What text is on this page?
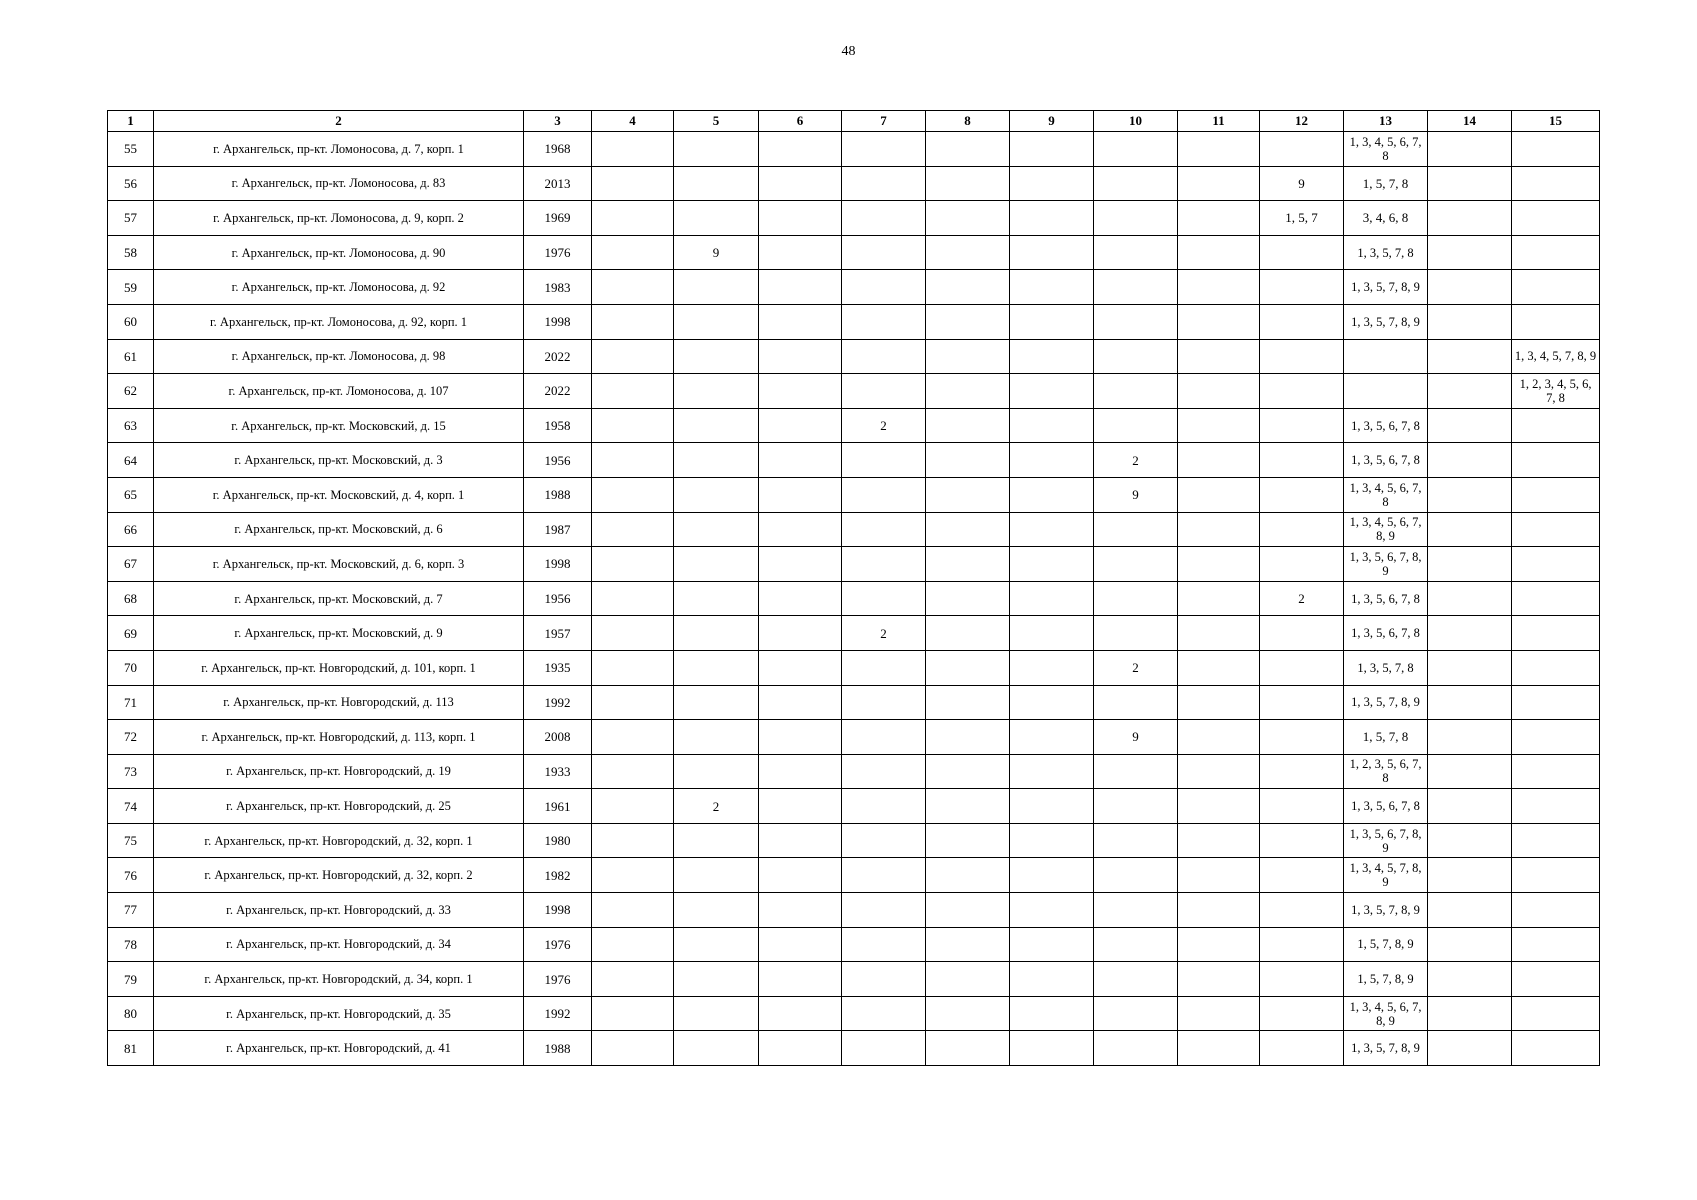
48
1	2	3	4	5	6	7	8	9	10	11	12	13	14	15
55	г. Архангельск, пр-кт. Ломоносова, д. 7, корп. 1	1968										1, 3, 4, 5, 6, 7, 8		
56	г. Архангельск, пр-кт. Ломоносова, д. 83	2013									9	1, 5, 7, 8		
57	г. Архангельск, пр-кт. Ломоносова, д. 9, корп. 2	1969									1, 5, 7	3, 4, 6, 8		
58	г. Архангельск, пр-кт. Ломоносова, д. 90	1976		9								1, 3, 5, 7, 8		
59	г. Архангельск, пр-кт. Ломоносова, д. 92	1983										1, 3, 5, 7, 8, 9		
60	г. Архангельск, пр-кт. Ломоносова, д. 92, корп. 1	1998										1, 3, 5, 7, 8, 9		
61	г. Архангельск, пр-кт. Ломоносова, д. 98	2022												1, 3, 4, 5, 7, 8, 9
62	г. Архангельск, пр-кт. Ломоносова, д. 107	2022												1, 2, 3, 4, 5, 6, 7, 8
63	г. Архангельск, пр-кт. Московский, д. 15	1958				2						1, 3, 5, 6, 7, 8		
64	г. Архангельск, пр-кт. Московский, д. 3	1956							2			1, 3, 5, 6, 7, 8		
65	г. Архангельск, пр-кт. Московский, д. 4, корп. 1	1988							9			1, 3, 4, 5, 6, 7, 8		
66	г. Архангельск, пр-кт. Московский, д. 6	1987										1, 3, 4, 5, 6, 7, 8, 9		
67	г. Архангельск, пр-кт. Московский, д. 6, корп. 3	1998										1, 3, 5, 6, 7, 8, 9		
68	г. Архангельск, пр-кт. Московский, д. 7	1956									2	1, 3, 5, 6, 7, 8		
69	г. Архангельск, пр-кт. Московский, д. 9	1957				2						1, 3, 5, 6, 7, 8		
70	г. Архангельск, пр-кт. Новгородский, д. 101, корп. 1	1935							2			1, 3, 5, 7, 8		
71	г. Архангельск, пр-кт. Новгородский, д. 113	1992										1, 3, 5, 7, 8, 9		
72	г. Архангельск, пр-кт. Новгородский, д. 113, корп. 1	2008							9			1, 5, 7, 8		
73	г. Архангельск, пр-кт. Новгородский, д. 19	1933										1, 2, 3, 5, 6, 7, 8		
74	г. Архангельск, пр-кт. Новгородский, д. 25	1961		2								1, 3, 5, 6, 7, 8		
75	г. Архангельск, пр-кт. Новгородский, д. 32, корп. 1	1980										1, 3, 5, 6, 7, 8, 9		
76	г. Архангельск, пр-кт. Новгородский, д. 32, корп. 2	1982										1, 3, 4, 5, 7, 8, 9		
77	г. Архангельск, пр-кт. Новгородский, д. 33	1998										1, 3, 5, 7, 8, 9		
78	г. Архангельск, пр-кт. Новгородский, д. 34	1976										1, 5, 7, 8, 9		
79	г. Архангельск, пр-кт. Новгородский, д. 34, корп. 1	1976										1, 5, 7, 8, 9		
80	г. Архангельск, пр-кт. Новгородский, д. 35	1992										1, 3, 4, 5, 6, 7, 8, 9		
81	г. Архангельск, пр-кт. Новгородский, д. 41	1988										1, 3, 5, 7, 8, 9		
